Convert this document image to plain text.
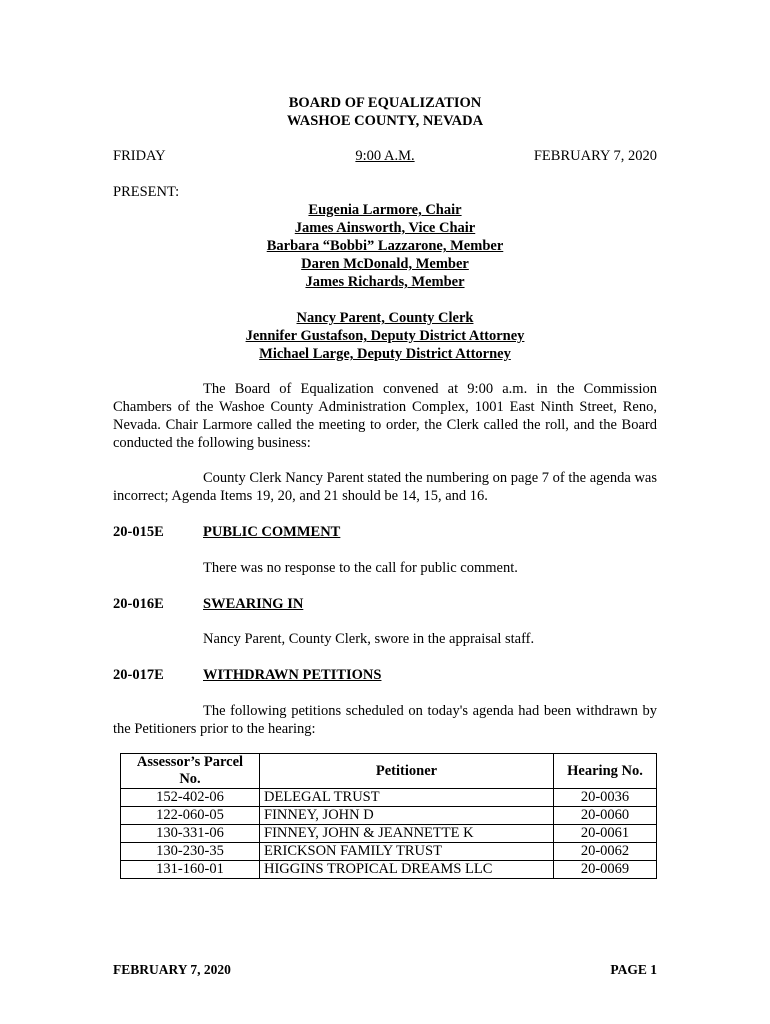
BOARD OF EQUALIZATION
WASHOE COUNTY, NEVADA
FRIDAY	9:00 A.M.	FEBRUARY 7, 2020
PRESENT:
Eugenia Larmore, Chair
James Ainsworth, Vice Chair
Barbara “Bobbi” Lazzarone, Member
Daren McDonald, Member
James Richards, Member
Nancy Parent, County Clerk
Jennifer Gustafson, Deputy District Attorney
Michael Large, Deputy District Attorney
The Board of Equalization convened at 9:00 a.m. in the Commission Chambers of the Washoe County Administration Complex, 1001 East Ninth Street, Reno, Nevada. Chair Larmore called the meeting to order, the Clerk called the roll, and the Board conducted the following business:
County Clerk Nancy Parent stated the numbering on page 7 of the agenda was incorrect; Agenda Items 19, 20, and 21 should be 14, 15, and 16.
20-015E	PUBLIC COMMENT
There was no response to the call for public comment.
20-016E	SWEARING IN
Nancy Parent, County Clerk, swore in the appraisal staff.
20-017E	WITHDRAWN PETITIONS
The following petitions scheduled on today's agenda had been withdrawn by the Petitioners prior to the hearing:
Assessor’s Parcel No.	Petitioner	Hearing No.
152-402-06	DELEGAL TRUST	20-0036
122-060-05	FINNEY, JOHN D	20-0060
130-331-06	FINNEY, JOHN & JEANNETTE K	20-0061
130-230-35	ERICKSON FAMILY TRUST	20-0062
131-160-01	HIGGINS TROPICAL DREAMS LLC	20-0069
FEBRUARY 7, 2020	PAGE 1
